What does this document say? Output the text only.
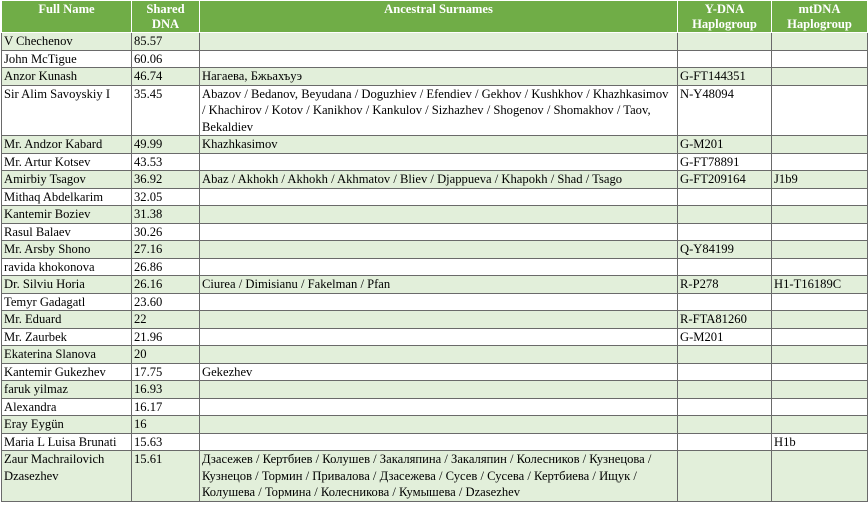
Full Name	Shared DNA	Ancestral Surnames	Y-DNA Haplogroup	mtDNA Haplogroup
V Chechenov	85.57			
John McTigue	60.06			
Anzor Kunash	46.74	Нагаева, Бжьахъуэ	G-FT144351	
Sir Alim Savoyskiy I	35.45	Abazov / Bedanov, Beyudana / Doguzhiev / Efendiev / Gekhov / Kushkhov / Khazhkasimov / Khachirov / Kotov / Kanikhov / Kankulov / Sizhazhev / Shogenov / Shomakhov / Taov, Bekaldiev	N-Y48094	
Mr. Andzor Kabard	49.99	Khazhkasimov	G-M201	
Mr. Artur Kotsev	43.53		G-FT78891	
Amirbiy Tsagov	36.92	Abaz / Akhokh / Akhokh / Akhmatov / Bliev / Djappueva / Khapokh / Shad / Tsago	G-FT209164	J1b9
Mithaq Abdelkarim	32.05			
Kantemir Boziev	31.38			
Rasul Balaev	30.26			
Mr. Arsby Shono	27.16		Q-Y84199	
ravida khokonova	26.86			
Dr. Silviu Horia	26.16	Ciurea / Dimisianu / Fakelman / Pfan	R-P278	H1-T16189C
Temyr Gadagatl	23.60			
Mr. Eduard	22		R-FTA81260	
Mr. Zaurbek	21.96		G-M201	
Ekaterina Slanova	20			
Kantemir Gukezhev	17.75	Gekezhev		
faruk yilmaz	16.93			
Alexandra	16.17			
Eray Eygün	16			
Maria L Luisa Brunati	15.63			H1b
Zaur Machrailovich Dzasezhev	15.61	Дзасежев / Кертбиев / Колушев / Закаляпина / Закаляпин / Колесников / Кузнецова / Кузнецов / Тормин / Привалова / Дзасежева / Сусев / Сусева / Кертбиева / Ищук / Колушева / Тормина / Колесникова / Кумышева / Dzasezhev		
